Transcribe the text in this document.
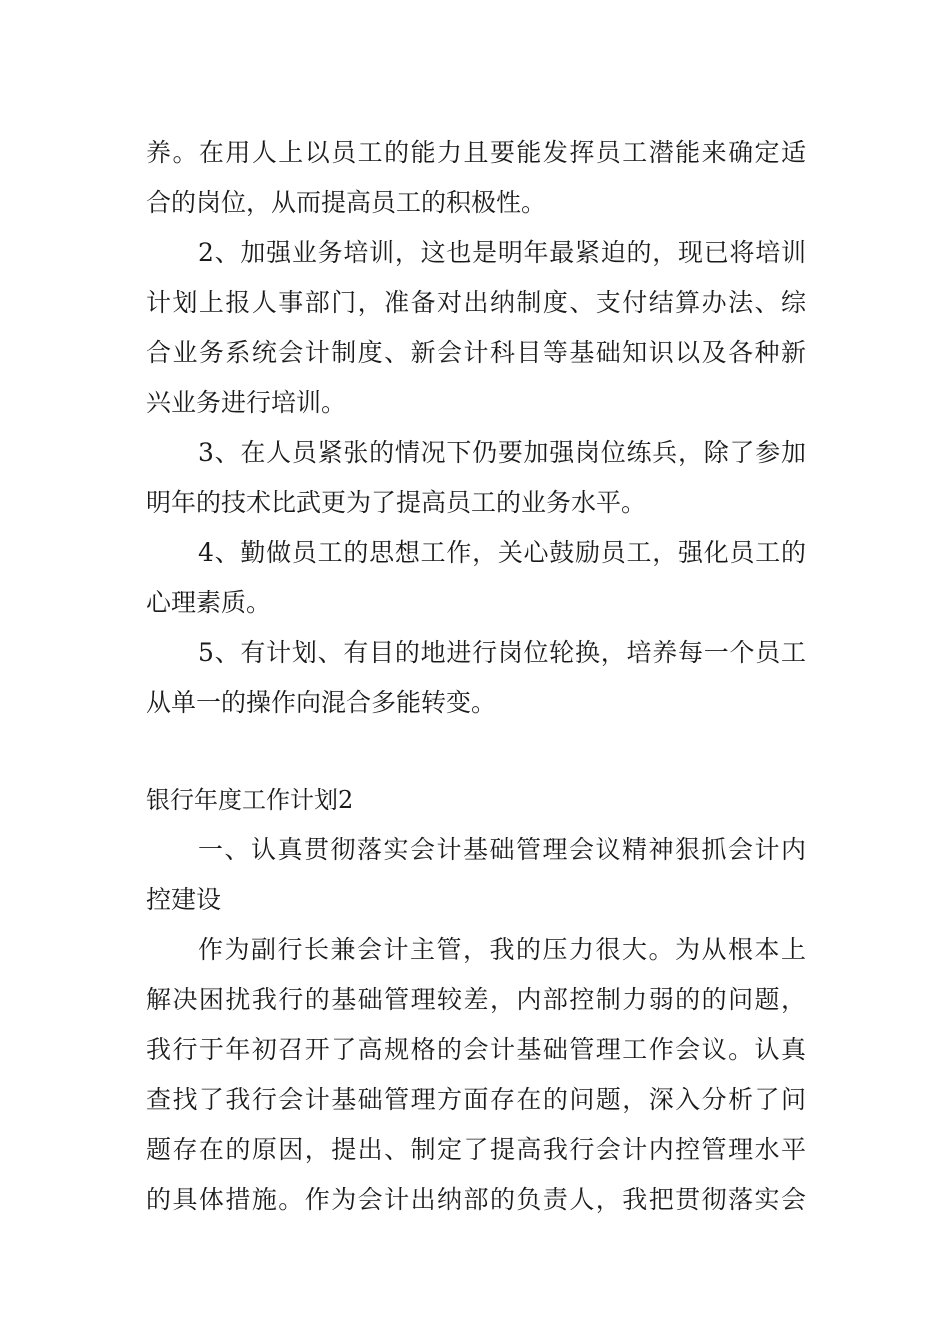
养。在用人上以员工的能力且要能发挥员工潜能来确定适
合的岗位，从而提高员工的积极性。
2、加强业务培训，这也是明年最紧迫的，现已将培训
计划上报人事部门，准备对出纳制度、支付结算办法、综
合业务系统会计制度、新会计科目等基础知识以及各种新
兴业务进行培训。
3、在人员紧张的情况下仍要加强岗位练兵，除了参加
明年的技术比武更为了提高员工的业务水平。
4、勤做员工的思想工作，关心鼓励员工，强化员工的
心理素质。
5、有计划、有目的地进行岗位轮换，培养每一个员工
从单一的操作向混合多能转变。
银行年度工作计划2
一、认真贯彻落实会计基础管理会议精神狠抓会计内
控建设
作为副行长兼会计主管，我的压力很大。为从根本上
解决困扰我行的基础管理较差，内部控制力弱的的问题，
我行于年初召开了高规格的会计基础管理工作会议。认真
查找了我行会计基础管理方面存在的问题，深入分析了问
题存在的原因，提出、制定了提高我行会计内控管理水平
的具体措施。作为会计出纳部的负责人，我把贯彻落实会
